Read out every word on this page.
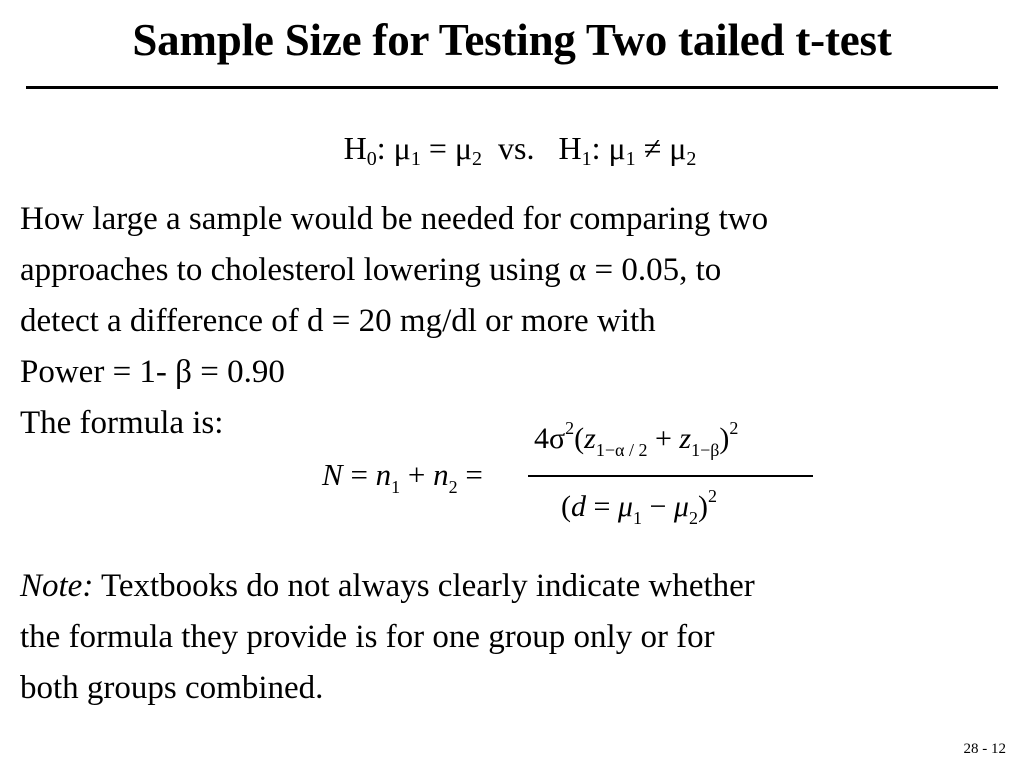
Sample Size for Testing Two tailed t-test
$H_0$: $\mu_1 = \mu_2$  vs.   $H_1$: $\mu_1 \ne \mu_2$
How large a sample would be needed for comparing two
approaches to cholesterol lowering using α = 0.05, to
detect a difference of d = 20 mg/dl or more with
Power = 1- β = 0.90
The formula is:
$N = n_1 + n_2$ =
$4\sigma^2(z_{1-\alpha / 2} + z_{1-\beta})^2$
$(d = \mu_1 - \mu_2)^2$
Note: Textbooks do not always clearly indicate whether
the formula they provide is for one group only or for
both groups combined.
28 - 12
